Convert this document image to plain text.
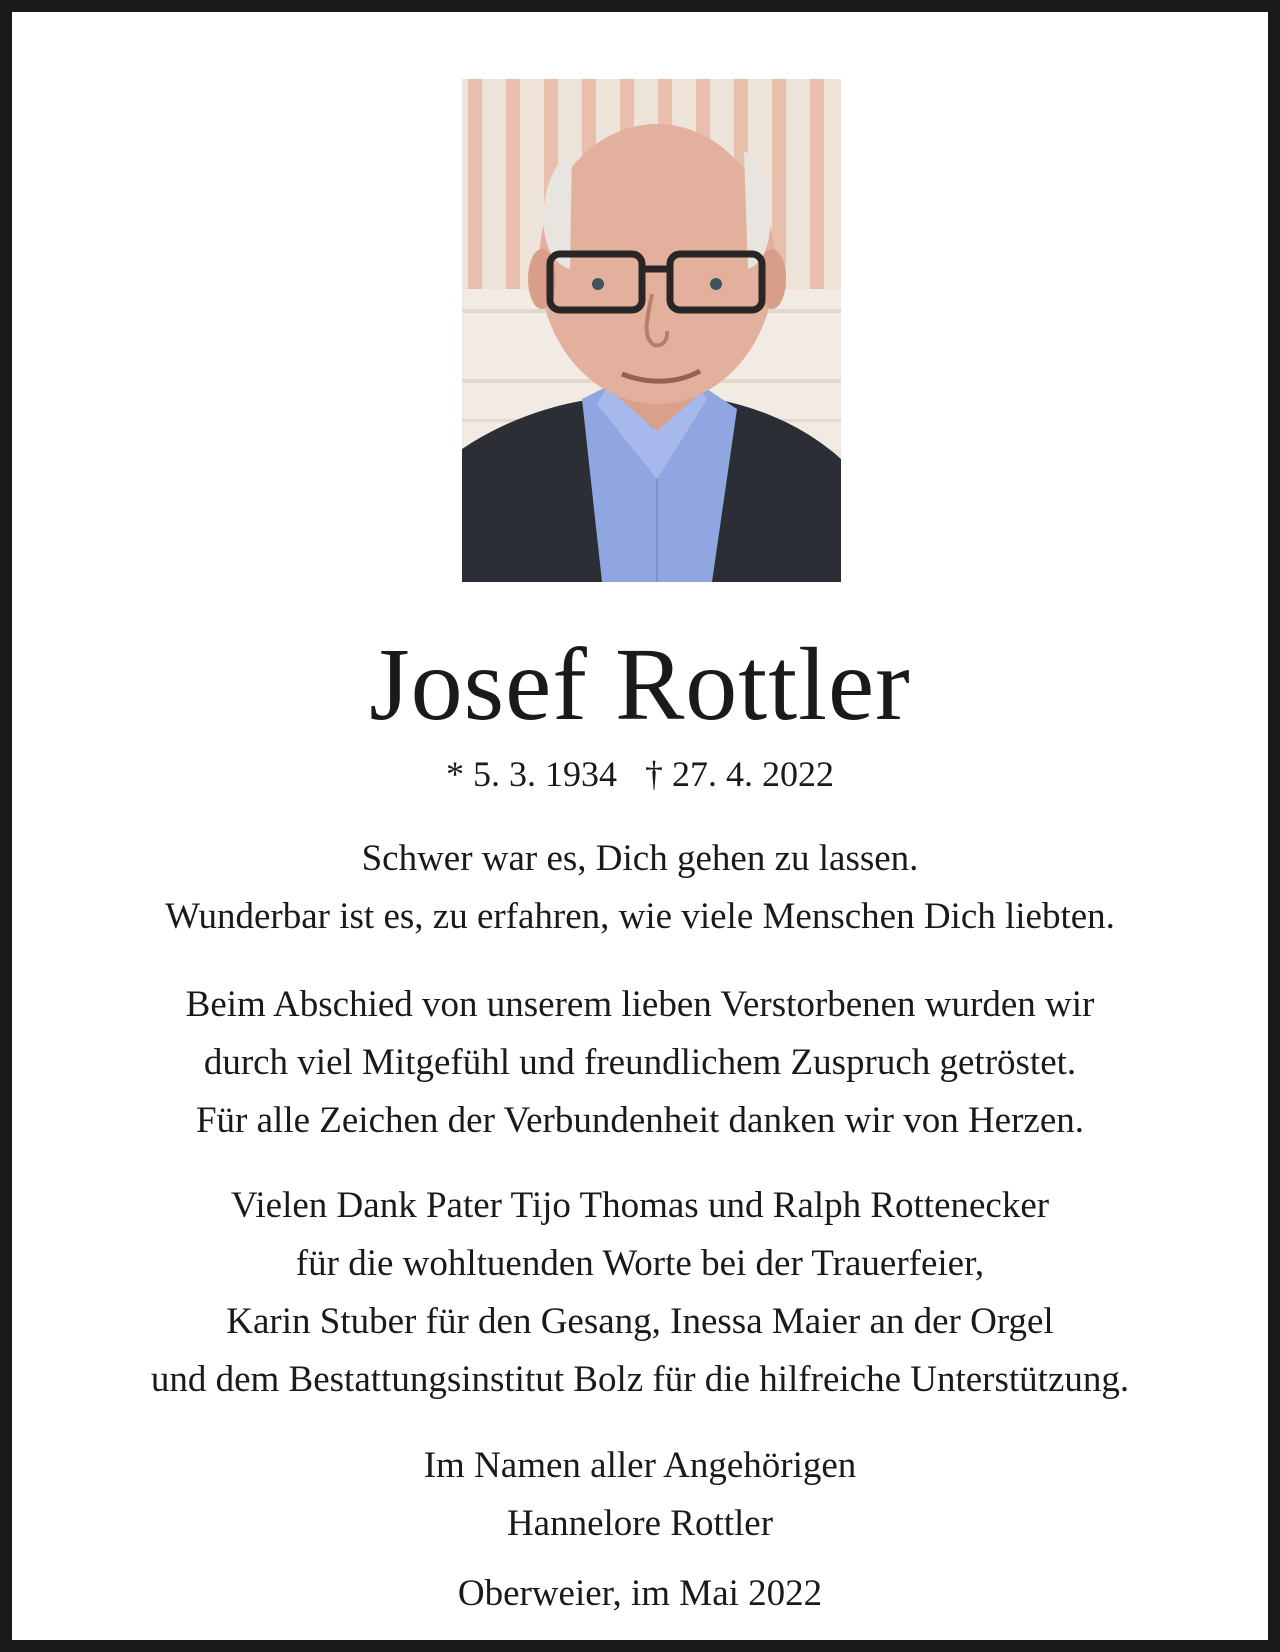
Josef Rottler
* 5. 3. 1934 † 27. 4. 2022
Schwer war es, Dich gehen zu lassen.
Wunderbar ist es, zu erfahren, wie viele Menschen Dich liebten.
Beim Abschied von unserem lieben Verstorbenen wurden wir
durch viel Mitgefühl und freundlichem Zuspruch getröstet.
Für alle Zeichen der Verbundenheit danken wir von Herzen.
Vielen Dank Pater Tijo Thomas und Ralph Rottenecker
für die wohltuenden Worte bei der Trauerfeier,
Karin Stuber für den Gesang, Inessa Maier an der Orgel
und dem Bestattungsinstitut Bolz für die hilfreiche Unterstützung.
Im Namen aller Angehörigen
Hannelore Rottler
Oberweier, im Mai 2022
